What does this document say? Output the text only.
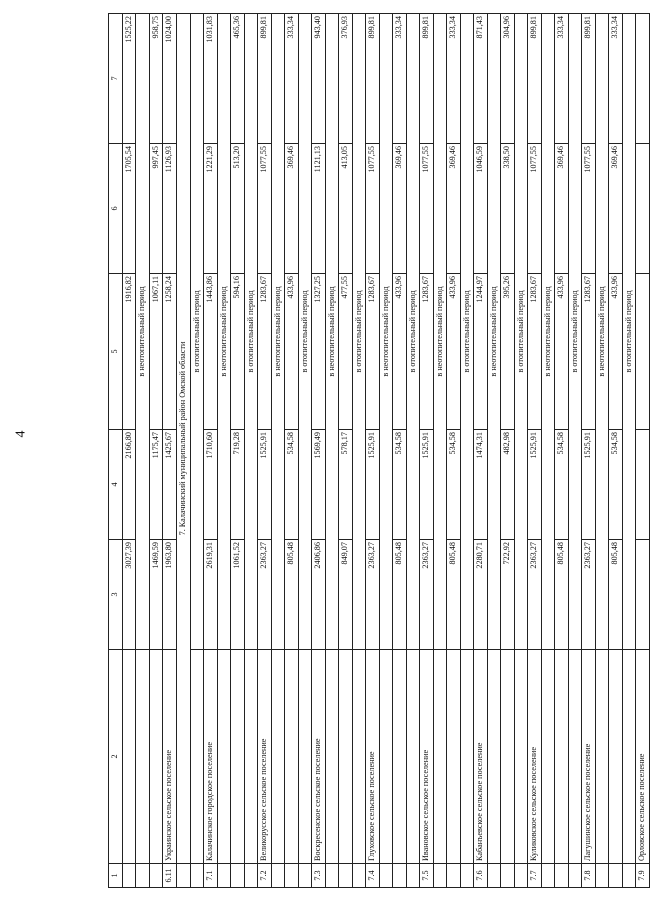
4
1	2	3	4	5	6	7
		3027,39	2166,80	1916,82	1705,54	1525,22
		в неотопительный период				
		1469,59	1175,47	1067,11	997,45	958,75
6.11	Украинское сельское поселение	1963,80	1425,67	1258,24	1126,93	1024,00
	7. Калачинский муниципальный район Омской области					
		в отопительный период				
7.1	Калачинское городское поселение	2619,31	1710,60	1443,86	1221,29	1031,83
		в неотопительный период				
		1061,52	719,28	594,16	513,20	465,36
		в отопительный период				
7.2	Великорусское сельское поселение	2363,27	1525,91	1283,67	1077,55	899,81
		в неотопительный период				
		805,48	534,58	433,96	369,46	333,34
		в отопительный период				
7.3	Воскресенское сельское поселение	2406,86	1569,49	1327,25	1121,13	943,40
		в неотопительный период				
		849,07	578,17	477,55	413,05	376,93
		в отопительный период				
7.4	Глуховское сельское поселение	2363,27	1525,91	1283,67	1077,55	899,81
		в неотопительный период				
		805,48	534,58	433,96	369,46	333,34
		в отопительный период				
7.5	Ивановское сельское поселение	2363,27	1525,91	1283,67	1077,55	899,81
		в неотопительный период				
		805,48	534,58	433,96	369,46	333,34
		в отопительный период				
7.6	Кабанъевское сельское поселение	2280,71	1474,31	1244,97	1046,59	871,43
		в неотопительный период				
		722,92	482,98	395,26	338,50	304,96
		в отопительный период				
7.7	Куликовское сельское поселение	2363,27	1525,91	1283,67	1077,55	899,81
		в неотопительный период				
		805,48	534,58	433,96	369,46	333,34
		в отопительный период				
7.8	Лагушинское сельское поселение	2363,27	1525,91	1283,67	1077,55	899,81
		в неотопительный период				
		805,48	534,58	433,96	369,46	333,34
		в отопительный период				
7.9	Орловское сельское поселение					
